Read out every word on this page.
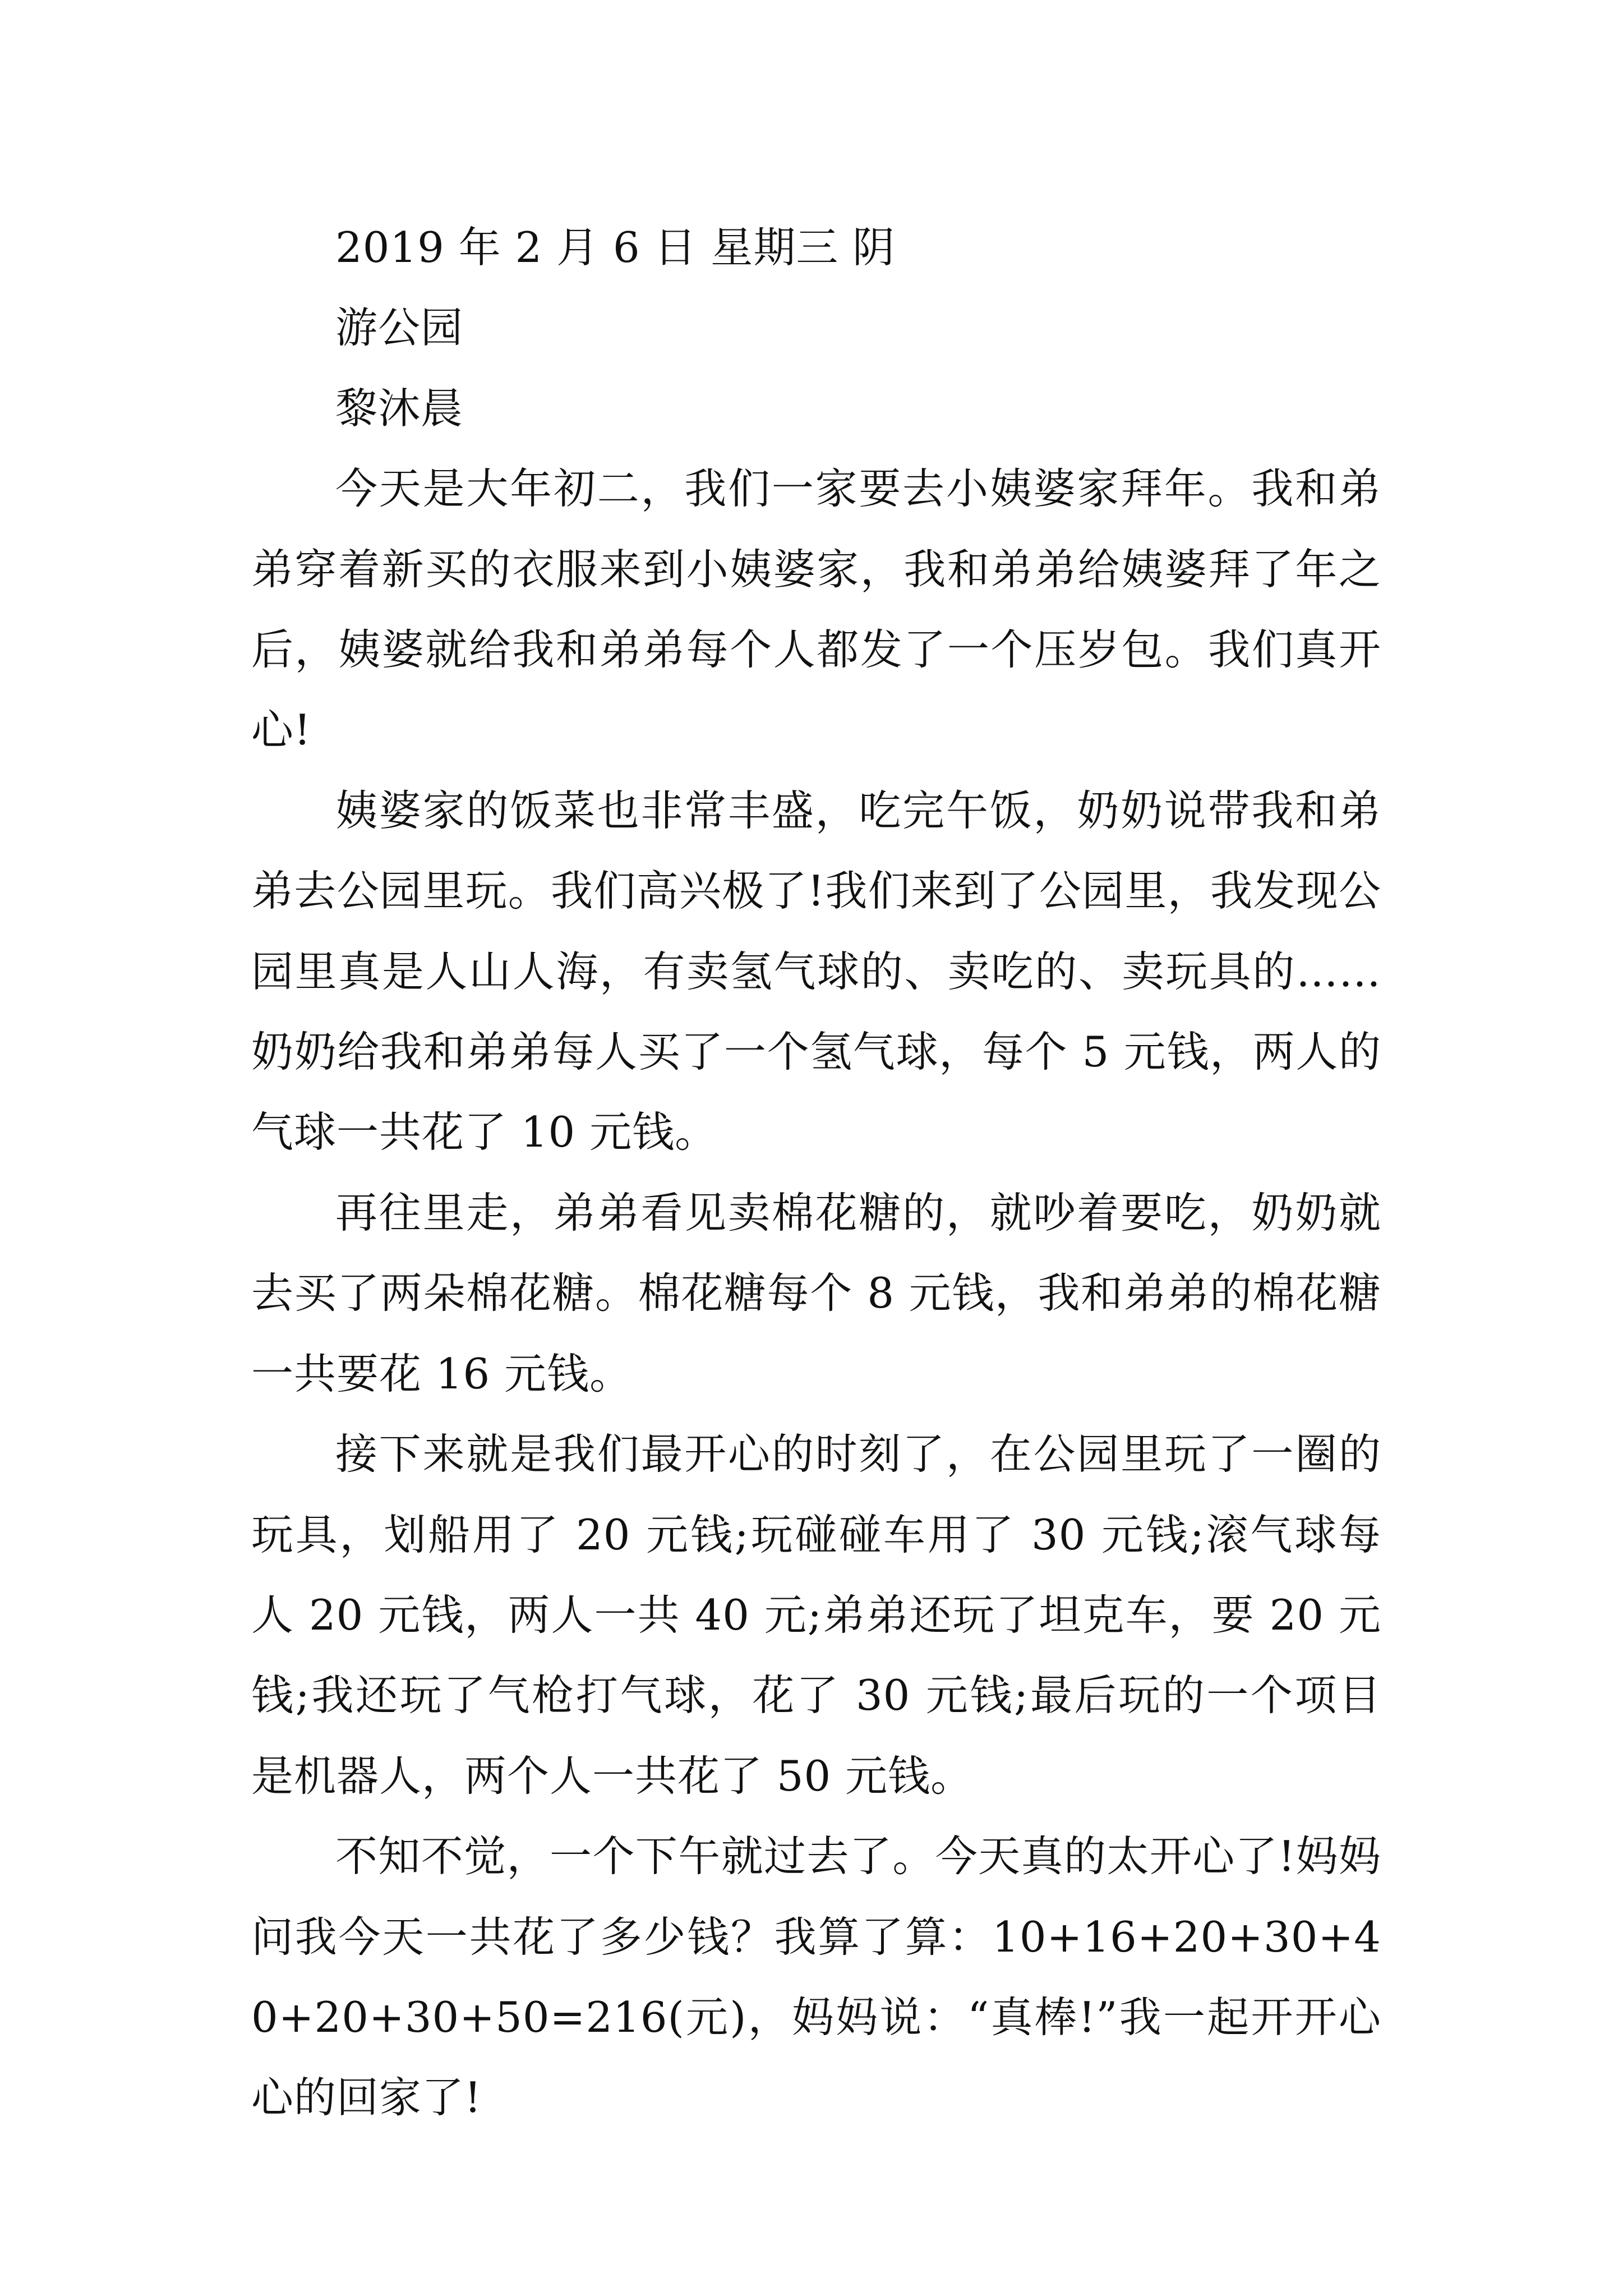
2019 年 2 月 6 日 星期三 阴

游公园

黎沐晨

今天是大年初二，我们一家要去小姨婆家拜年。我和弟弟穿着新买的衣服来到小姨婆家，我和弟弟给姨婆拜了年之后，姨婆就给我和弟弟每个人都发了一个压岁包。我们真开心!

姨婆家的饭菜也非常丰盛，吃完午饭，奶奶说带我和弟弟去公园里玩。我们高兴极了!我们来到了公园里，我发现公园里真是人山人海，有卖氢气球的、卖吃的、卖玩具的……奶奶给我和弟弟每人买了一个氢气球，每个 5 元钱，两人的气球一共花了 10 元钱。

再往里走，弟弟看见卖棉花糖的，就吵着要吃，奶奶就去买了两朵棉花糖。棉花糖每个 8 元钱，我和弟弟的棉花糖一共要花 16 元钱。

接下来就是我们最开心的时刻了，在公园里玩了一圈的玩具，划船用了 20 元钱;玩碰碰车用了 30 元钱;滚气球每人 20 元钱，两人一共 40 元;弟弟还玩了坦克车，要 20 元钱;我还玩了气枪打气球，花了 30 元钱;最后玩的一个项目是机器人，两个人一共花了 50 元钱。

不知不觉，一个下午就过去了。今天真的太开心了!妈妈问我今天一共花了多少钱？我算了算：10+16+20+30+40+20+30+50=216(元)，妈妈说：“真棒!”我一起开开心心的回家了!
